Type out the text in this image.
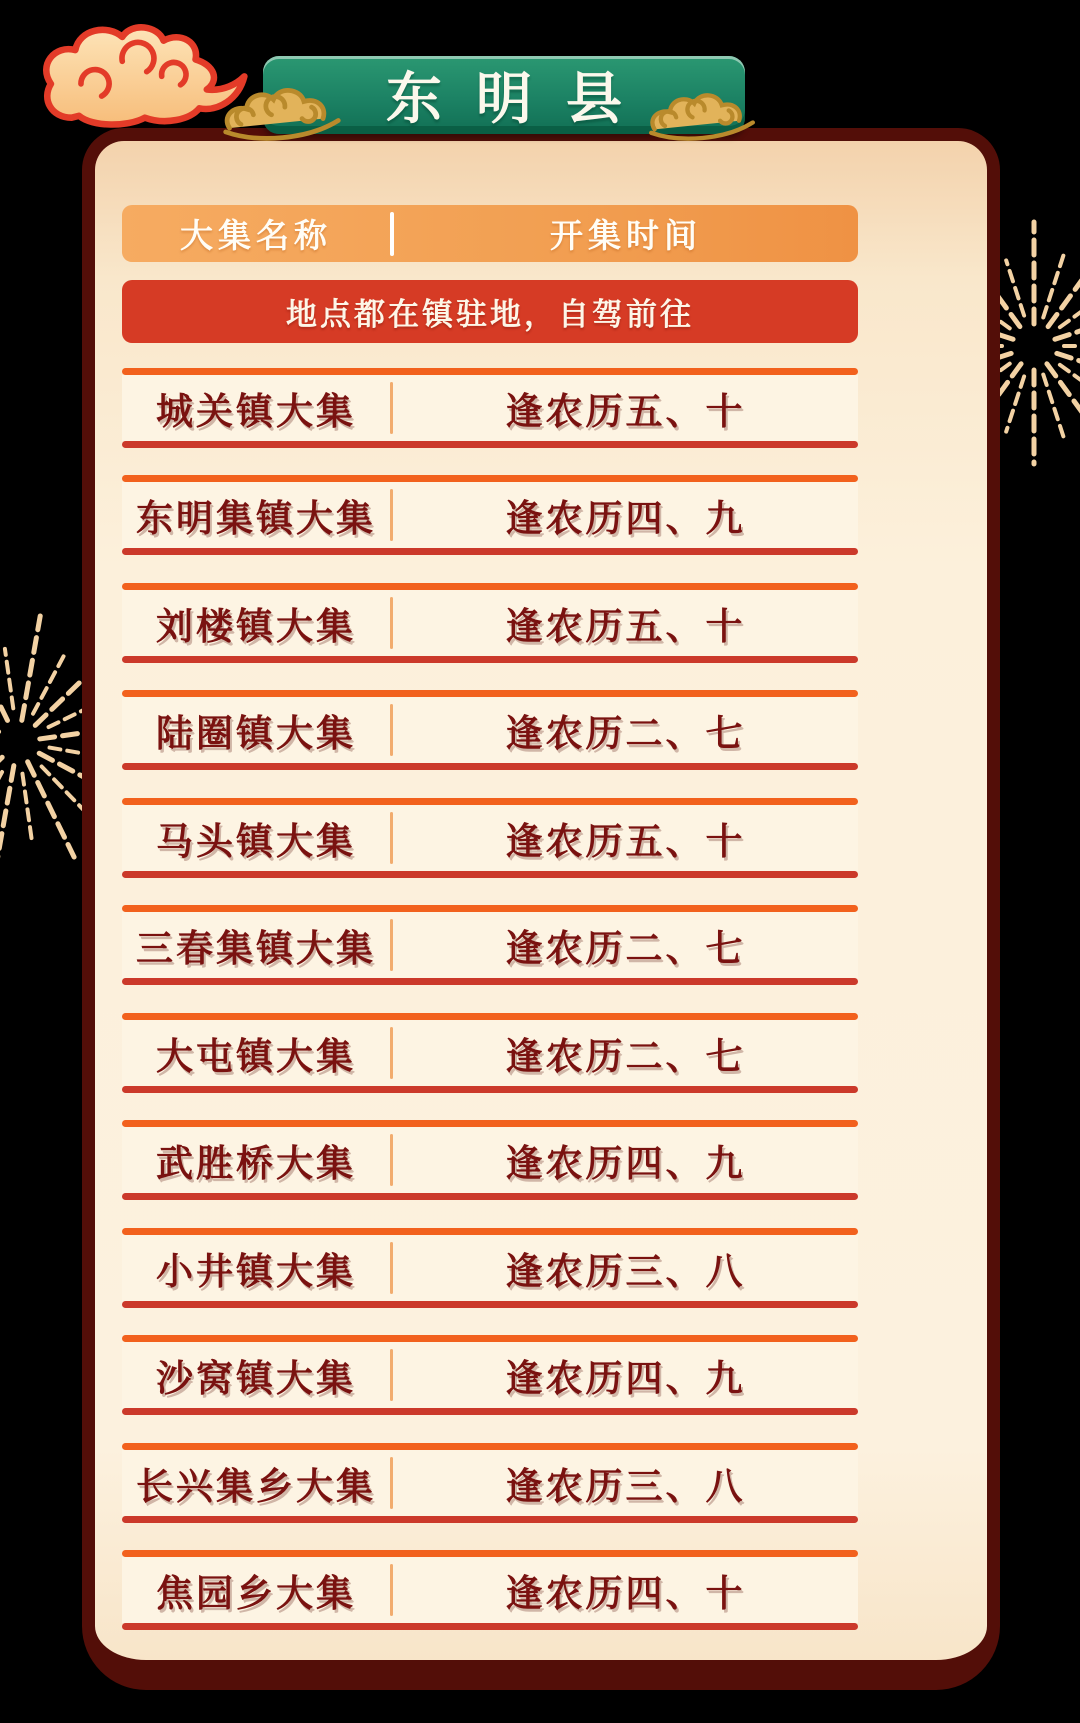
大集名称	开集时间
地点都在镇驻地，自驾前往
城关镇大集	逢农历五、十
东明集镇大集	逢农历四、九
刘楼镇大集	逢农历五、十
陆圈镇大集	逢农历二、七
马头镇大集	逢农历五、十
三春集镇大集	逢农历二、七
大屯镇大集	逢农历二、七
武胜桥大集	逢农历四、九
小井镇大集	逢农历三、八
沙窝镇大集	逢农历四、九
长兴集乡大集	逢农历三、八
焦园乡大集	逢农历四、十
东明县
